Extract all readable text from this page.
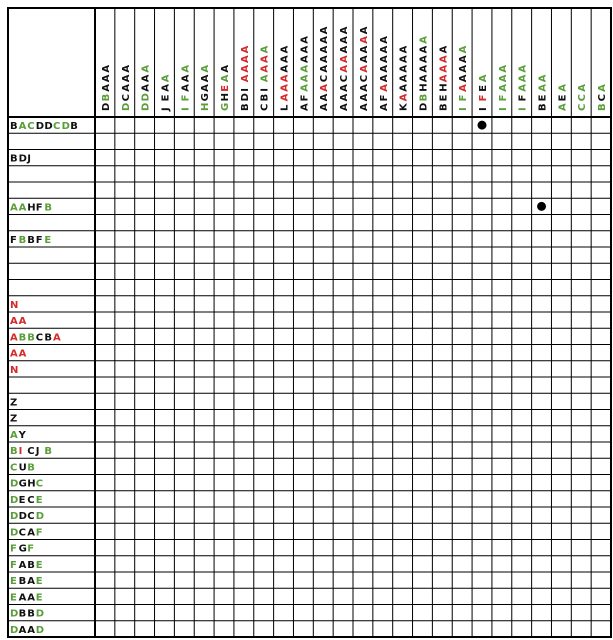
D
B
A
A
A
D
C
A
A
A
D
D
A
A
A
J
E
A
A
I
F
A
A
A
H
G
A
A
A
G
H
E
A
A
B
D
I
A
A
A
A
C
B
I
A
A
A
A
L
A
A
A
A
A
A
A
F
A
A
A
A
A
A
A
A
A
C
A
A
A
A
A
A
A
A
C
A
A
A
A
A
A
A
A
C
A
A
A
A
A
A
F
A
A
A
A
A
A
K
A
A
A
A
A
A
D
B
H
A
A
A
A
A
B
E
H
A
A
A
A
I
F
A
A
A
A
A
I
F
E
A
I
F
A
A
A
I
F
A
A
A
B
E
A
A
A
E
A
C
C
A
B
C
A
B A C D D C D B
B D J
A A H F B
F B B F E
N
A A
A B B C B A
A A
N
Z
Z
A Y
B I C J B
C U B
D G H C
D E C E
D D C D
D C A F
F G F
F A B E
E B A E
E A A E
D B B D
D A A D
